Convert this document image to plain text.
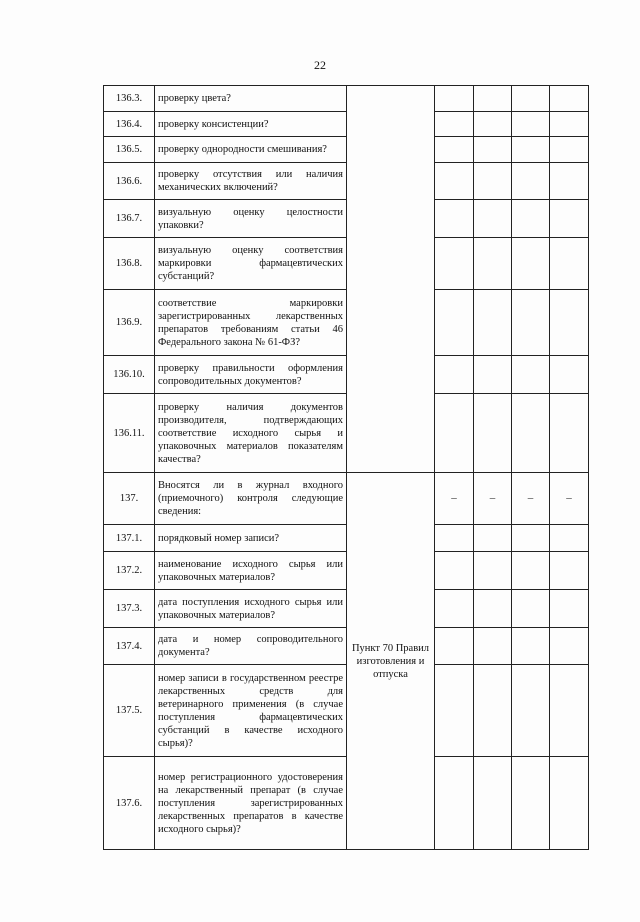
22
136.3.	проверку цвета?					
136.4.	проверку консистенции?					
136.5.	проверку однородности смешивания?					
136.6.	проверку отсутствия или наличия механических включений?					
136.7.	визуальную оценку целостности упаковки?					
136.8.	визуальную оценку соответствия маркировки фармацевтических субстанций?					
136.9.	соответствие маркировки зарегистрированных лекарственных препаратов требованиям статьи 46 Федерального закона № 61-ФЗ?					
136.10.	проверку правильности оформления сопроводительных документов?					
136.11.	проверку наличия документов производителя, подтверждающих соответствие исходного сырья и упаковочных материалов показателям качества?					
137.	Вносятся ли в журнал входного (приемочного) контроля следующие сведения:	Пункт 70 Правил изготовления и отпуска	–	–	–	–
137.1.	порядковый номер записи?					
137.2.	наименование исходного сырья или упаковочных материалов?					
137.3.	дата поступления исходного сырья или упаковочных материалов?					
137.4.	дата и номер сопроводительного документа?					
137.5.	номер записи в государственном реестре лекарственных средств для ветеринарного применения (в случае поступления фармацевтических субстанций в качестве исходного сырья)?					
137.6.	номер регистрационного удостоверения на лекарственный препарат (в случае поступления зарегистрированных лекарственных препаратов в качестве исходного сырья)?					
